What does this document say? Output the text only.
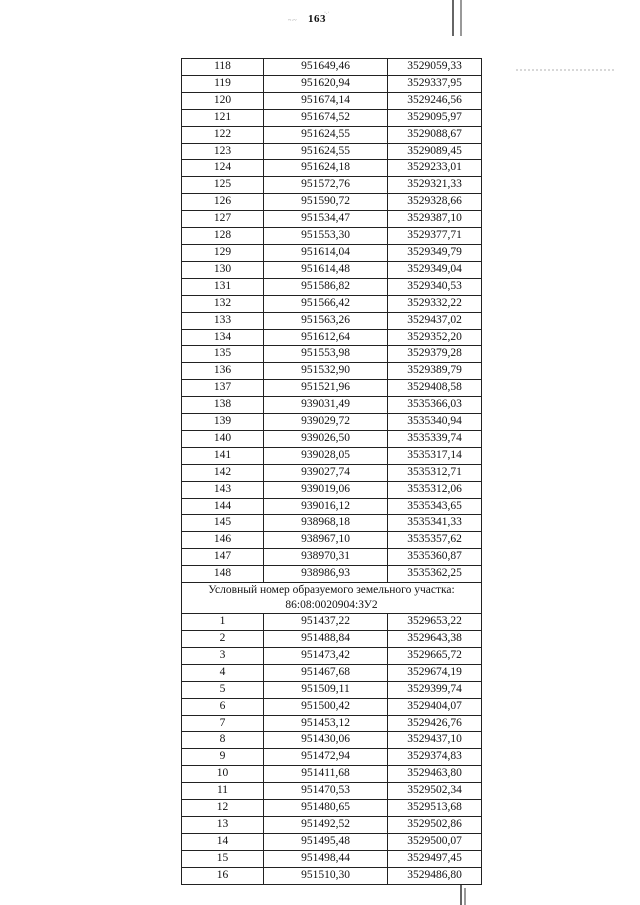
163
~·~
·.·
118	951649,46	3529059,33
119	951620,94	3529337,95
120	951674,14	3529246,56
121	951674,52	3529095,97
122	951624,55	3529088,67
123	951624,55	3529089,45
124	951624,18	3529233,01
125	951572,76	3529321,33
126	951590,72	3529328,66
127	951534,47	3529387,10
128	951553,30	3529377,71
129	951614,04	3529349,79
130	951614,48	3529349,04
131	951586,82	3529340,53
132	951566,42	3529332,22
133	951563,26	3529437,02
134	951612,64	3529352,20
135	951553,98	3529379,28
136	951532,90	3529389,79
137	951521,96	3529408,58
138	939031,49	3535366,03
139	939029,72	3535340,94
140	939026,50	3535339,74
141	939028,05	3535317,14
142	939027,74	3535312,71
143	939019,06	3535312,06
144	939016,12	3535343,65
145	938968,18	3535341,33
146	938967,10	3535357,62
147	938970,31	3535360,87
148	938986,93	3535362,25
Условный номер образуемого земельного участка:
86:08:0020904:ЗУ2		
1	951437,22	3529653,22
2	951488,84	3529643,38
3	951473,42	3529665,72
4	951467,68	3529674,19
5	951509,11	3529399,74
6	951500,42	3529404,07
7	951453,12	3529426,76
8	951430,06	3529437,10
9	951472,94	3529374,83
10	951411,68	3529463,80
11	951470,53	3529502,34
12	951480,65	3529513,68
13	951492,52	3529502,86
14	951495,48	3529500,07
15	951498,44	3529497,45
16	951510,30	3529486,80
